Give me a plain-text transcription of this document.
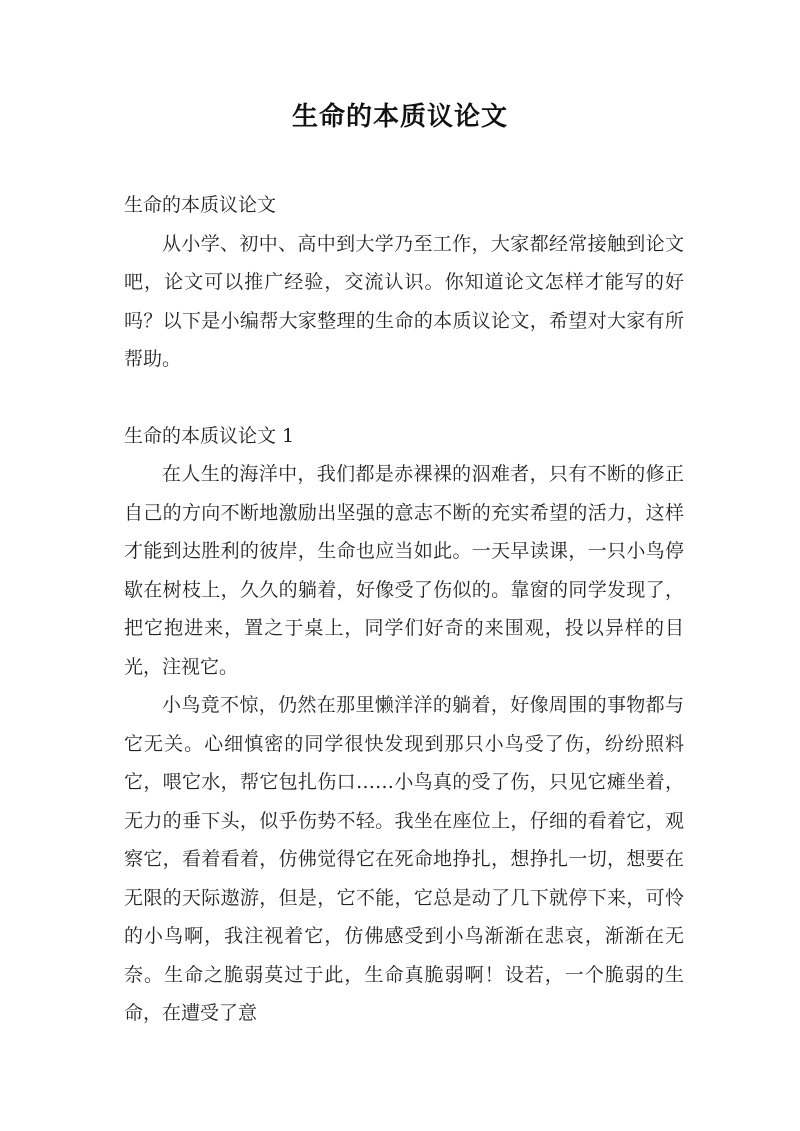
生命的本质议论文

生命的本质议论文

从小学、初中、高中到大学乃至工作，大家都经常接触到论文吧，论文可以推广经验，交流认识。你知道论文怎样才能写的好吗？以下是小编帮大家整理的生命的本质议论文，希望对大家有所帮助。

生命的本质议论文 1

在人生的海洋中，我们都是赤裸裸的泅难者，只有不断的修正自己的方向不断地激励出坚强的意志不断的充实希望的活力，这样才能到达胜利的彼岸，生命也应当如此。一天早读课，一只小鸟停歇在树枝上，久久的躺着，好像受了伤似的。靠窗的同学发现了，把它抱进来，置之于桌上，同学们好奇的来围观，投以异样的目光，注视它。

小鸟竟不惊，仍然在那里懒洋洋的躺着，好像周围的事物都与它无关。心细慎密的同学很快发现到那只小鸟受了伤，纷纷照料它，喂它水，帮它包扎伤口……小鸟真的受了伤，只见它瘫坐着，无力的垂下头，似乎伤势不轻。我坐在座位上，仔细的看着它，观察它，看着看着，仿佛觉得它在死命地挣扎，想挣扎一切，想要在无限的天际遨游，但是，它不能，它总是动了几下就停下来，可怜的小鸟啊，我注视着它，仿佛感受到小鸟渐渐在悲哀，渐渐在无奈。生命之脆弱莫过于此，生命真脆弱啊！设若，一个脆弱的生命，在遭受了意
